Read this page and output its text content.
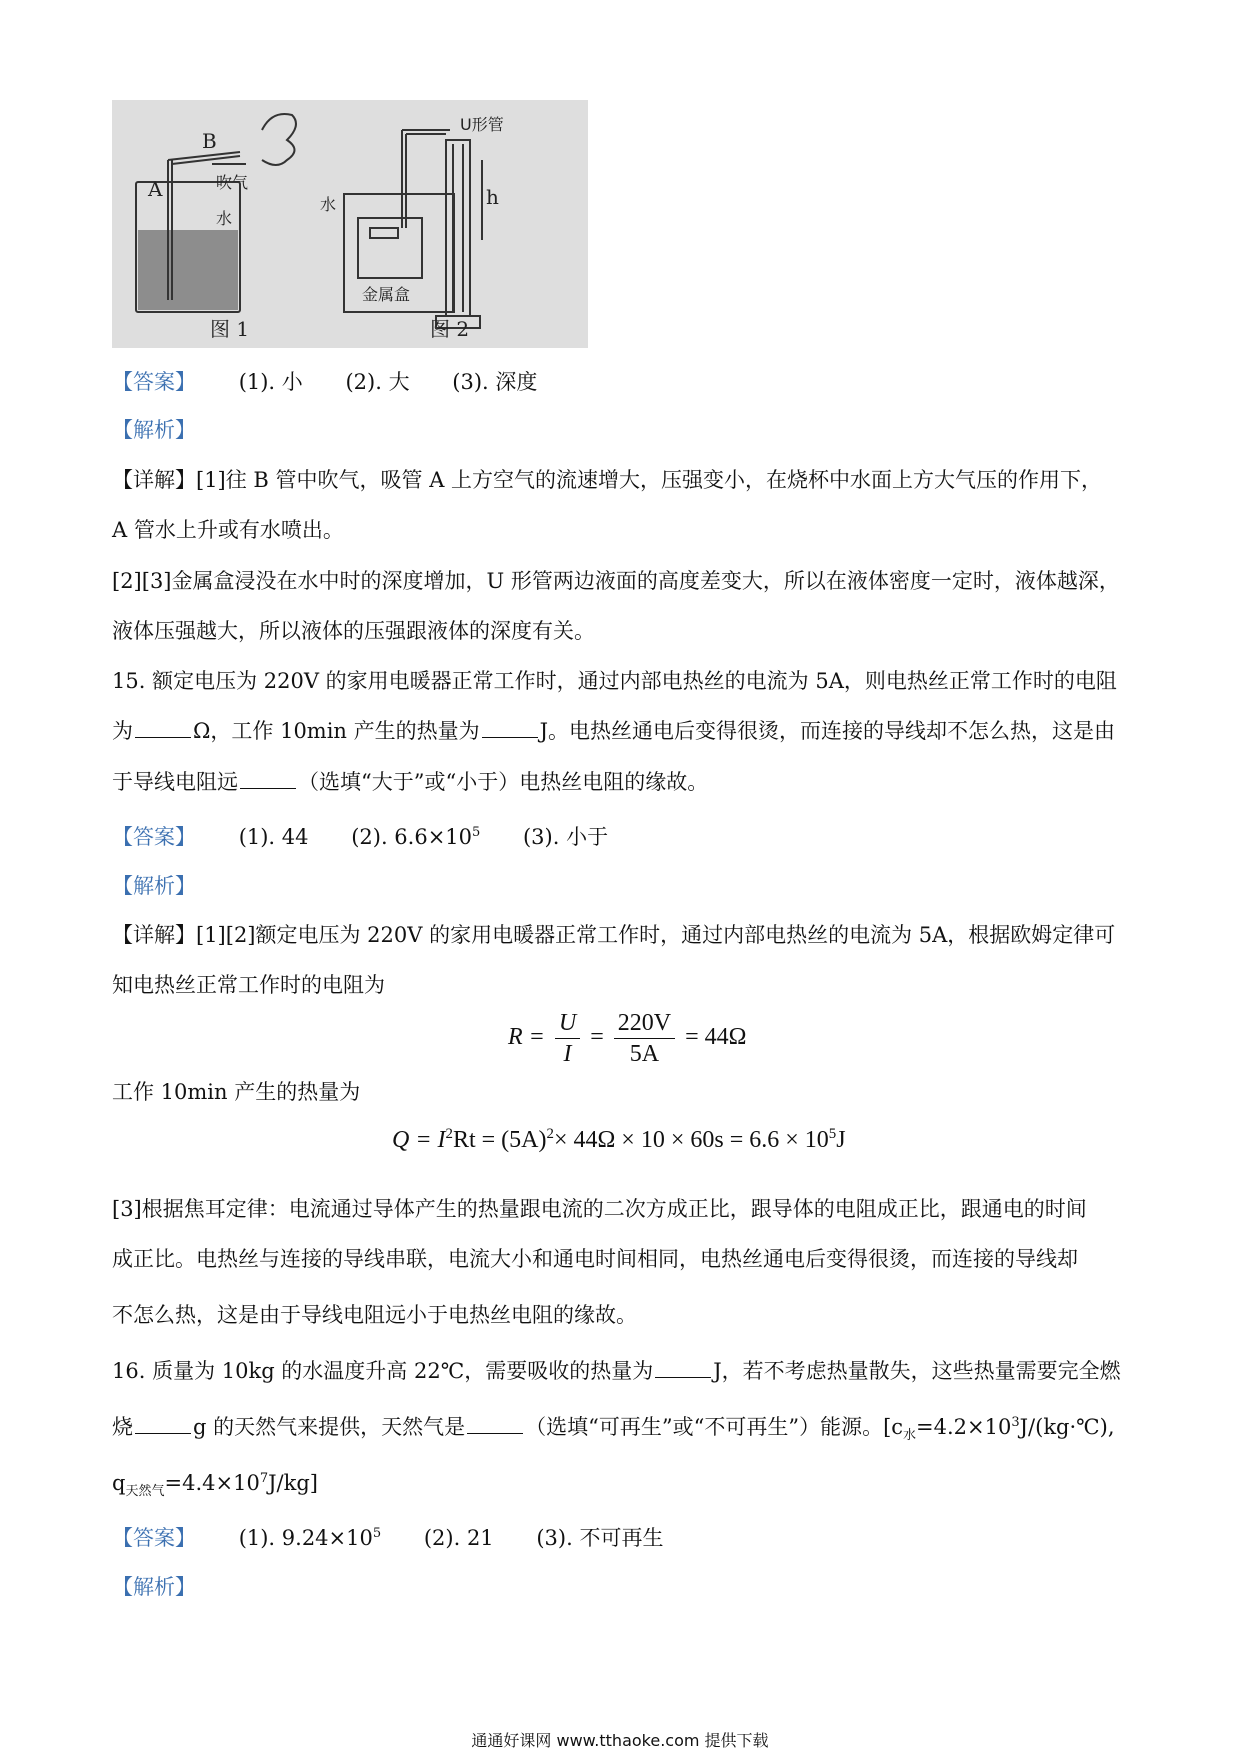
B
A	吹气
水
图 1
水
U形管
h
金属盒
图 2
【答案】 (1). 小 (2). 大 (3). 深度
【解析】
【详解】[1]往 B 管中吹气，吸管 A 上方空气的流速增大，压强变小，在烧杯中水面上方大气压的作用下，
A 管水上升或有水喷出。
[2][3]金属盒浸没在水中时的深度增加，U 形管两边液面的高度差变大，所以在液体密度一定时，液体越深，
液体压强越大，所以液体的压强跟液体的深度有关。
15. 额定电压为 220V 的家用电暖器正常工作时，通过内部电热丝的电流为 5A，则电热丝正常工作时的电阻
为	Ω，工作 10min 产生的热量为	J。电热丝通电后变得很烫，而连接的导线却不怎么热，这是由
于导线电阻远	（选填“大于”或“小于）电热丝电阻的缘故。
【答案】 (1). 44 (2). $6.6\times 10^5$ (3). 小于
【解析】
【详解】[1][2]额定电压为 220V 的家用电暖器正常工作时，通过内部电热丝的电流为 5A，根据欧姆定律可
知电热丝正常工作时的电阻为
$R = \frac{U}{I} = \frac{220V}{5A} = 44\Omega$
工作 10min 产生的热量为
$Q = I^2Rt = (5A)^2\times 44\Omega \times 10 \times 60s = 6.6 \times 10^5J$
[3]根据焦耳定律：电流通过导体产生的热量跟电流的二次方成正比，跟导体的电阻成正比，跟通电的时间
成正比。电热丝与连接的导线串联，电流大小和通电时间相同，电热丝通电后变得很烫，而连接的导线却
不怎么热，这是由于导线电阻远小于电热丝电阻的缘故。
16. 质量为 10kg 的水温度升高 22℃，需要吸收的热量为	J，若不考虑热量散失，这些热量需要完全燃
烧	g 的天然气来提供，天然气是	（选填“可再生”或“不可再生”）能源。[$c_水=4.2\times 10^3J/(kg\cdot℃)$,
$q_{天然气}=4.4\times 10^7J/kg$]
【答案】 (1). $9.24\times 10^5$ (2). 21 (3). 不可再生
【解析】
通通好课网 www.tthaoke.com 提供下载
